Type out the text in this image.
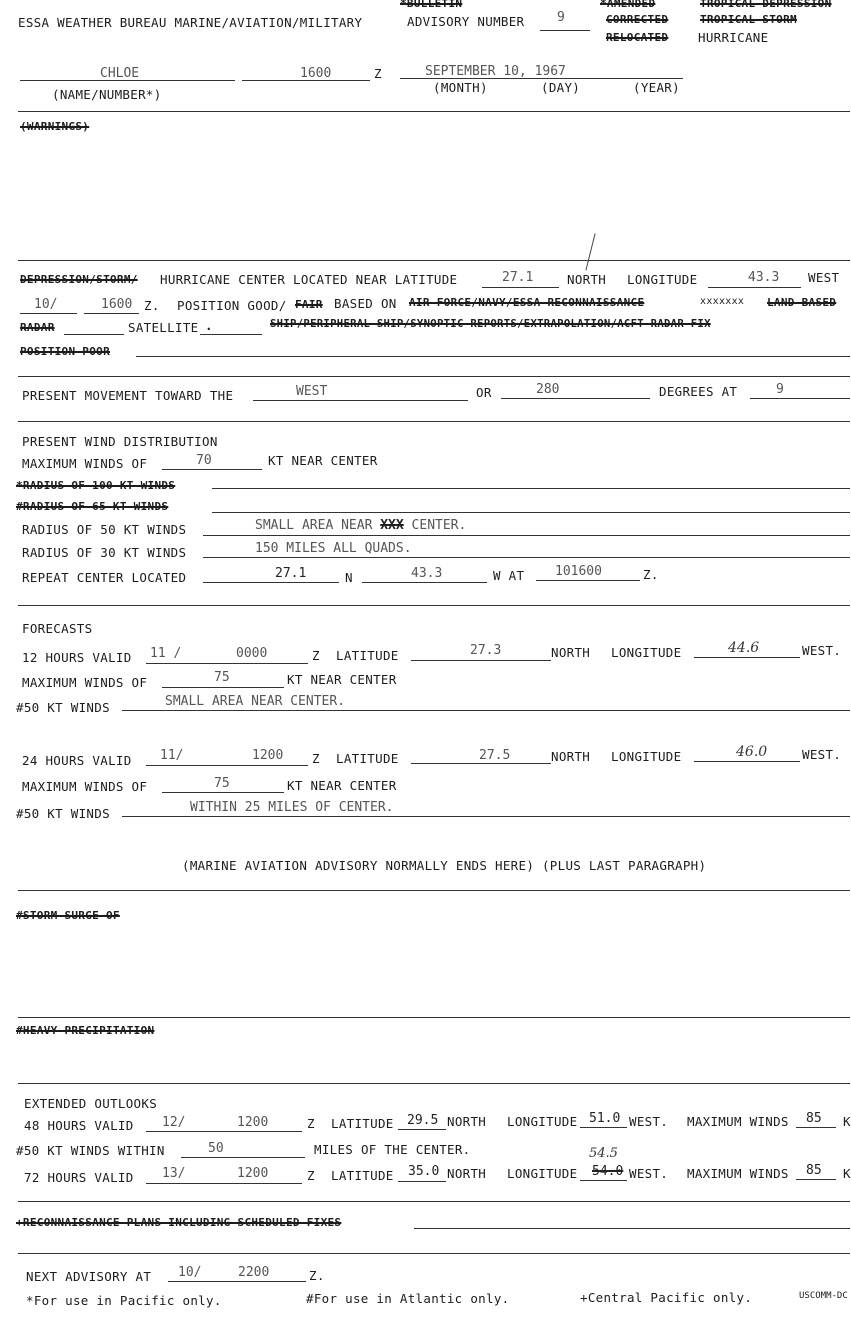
ESSA WEATHER BUREAU MARINE/AVIATION/MILITARY
*BULLETIN
ADVISORY NUMBER	9
*AMENDED
CORRECTED
RELOCATED
TROPICAL DEPRESSION
TROPICAL STORM
HURRICANE
CHLOE	1600	Z	SEPTEMBER 10, 1967
(NAME/NUMBER*)	(MONTH)	(DAY)	(YEAR)
(WARNINGS)
DEPRESSION/STORM/ HURRICANE CENTER LOCATED NEAR LATITUDE	27.1	NORTH LONGITUDE	43.3 WEST
10/	1600 Z. POSITION GOOD/ FAIR BASED ON AIR FORCE/NAVY/ESSA RECONNAISSANCE	xxxxxxx LAND BASED
RADAR	SATELLITE .	SHIP/PERIPHERAL SHIP/SYNOPTIC REPORTS/EXTRAPOLATION/ACFT RADAR FIX
POSITION POOR
PRESENT MOVEMENT TOWARD THE	WEST	OR	280	DEGREES AT	9
PRESENT WIND DISTRIBUTION
MAXIMUM WINDS OF	70	KT NEAR CENTER
*RADIUS OF 100 KT WINDS
#RADIUS OF 65 KT WINDS
RADIUS OF 50 KT WINDS	SMALL AREA NEAR XXX CENTER.
RADIUS OF 30 KT WINDS	150 MILES ALL QUADS.
REPEAT CENTER LOCATED	27.1	N	43.3	W AT 101600	Z.
FORECASTS
12 HOURS VALID 11 /	0000	Z LATITUDE	27.3	NORTH LONGITUDE	44.6	WEST.
MAXIMUM WINDS OF	75	KT NEAR CENTER
#50 KT WINDS	SMALL AREA NEAR CENTER.
24 HOURS VALID 11/	1200 Z LATITUDE	27.5	NORTH LONGITUDE	46.0	WEST.
MAXIMUM WINDS OF	75	KT NEAR CENTER
#50 KT WINDS	WITHIN 25 MILES OF CENTER.
(MARINE AVIATION ADVISORY NORMALLY ENDS HERE) (PLUS LAST PARAGRAPH)
#STORM SURGE OF
#HEAVY PRECIPITATION
EXTENDED OUTLOOKS
48 HOURS VALID 12/	1200	Z LATITUDE 29.5 NORTH LONGITUDE 51.0 WEST. MAXIMUM WINDS 85 K
#50 KT WINDS WITHIN	50	MILES OF THE CENTER.
72 HOURS VALID 13/	1200	Z LATITUDE 35.0 NORTH LONGITUDE
54.5
54.0 WEST. MAXIMUM WINDS 85 K
+RECONNAISSANCE PLANS INCLUDING SCHEDULED FIXES
NEXT ADVISORY AT 10/	2200	Z.
*For use in Pacific only.	#For use in Atlantic only.	+Central Pacific only.	USCOMM-DC
